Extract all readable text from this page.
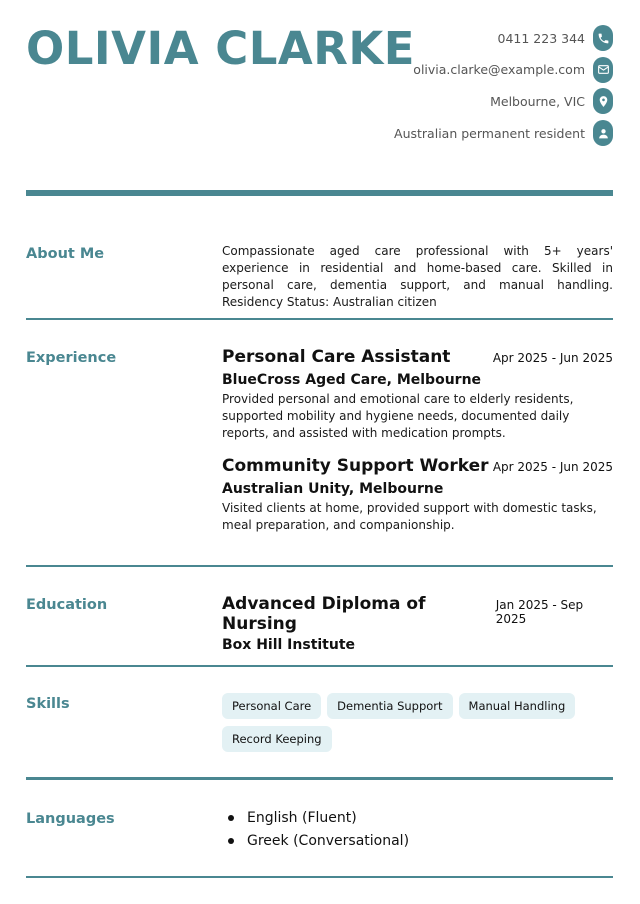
OLIVIA CLARKE	0411 223 344
olivia.clarke@example.com
Melbourne, VIC
Australian permanent resident
About Me	Compassionate aged care professional with 5+ years' experience in residential and home-based care. Skilled in personal care, dementia support, and manual handling. Residency Status: Australian citizen

Experience	Personal Care Assistant	Apr 2025 - Jun 2025
BlueCross Aged Care, Melbourne

Provided personal and emotional care to elderly residents, supported mobility and hygiene needs, documented daily reports, and assisted with medication prompts.

Community Support Worker Apr 2025 - Jun 2025
Australian Unity, Melbourne

Visited clients at home, provided support with domestic tasks, meal preparation, and companionship.

Education	Advanced Diploma of Nursing
Jan 2025 - Sep 2025
Box Hill Institute
Skills	Personal Care	Dementia Support	Manual Handling
Record Keeping
Languages	English (Fluent)
Greek (Conversational)
